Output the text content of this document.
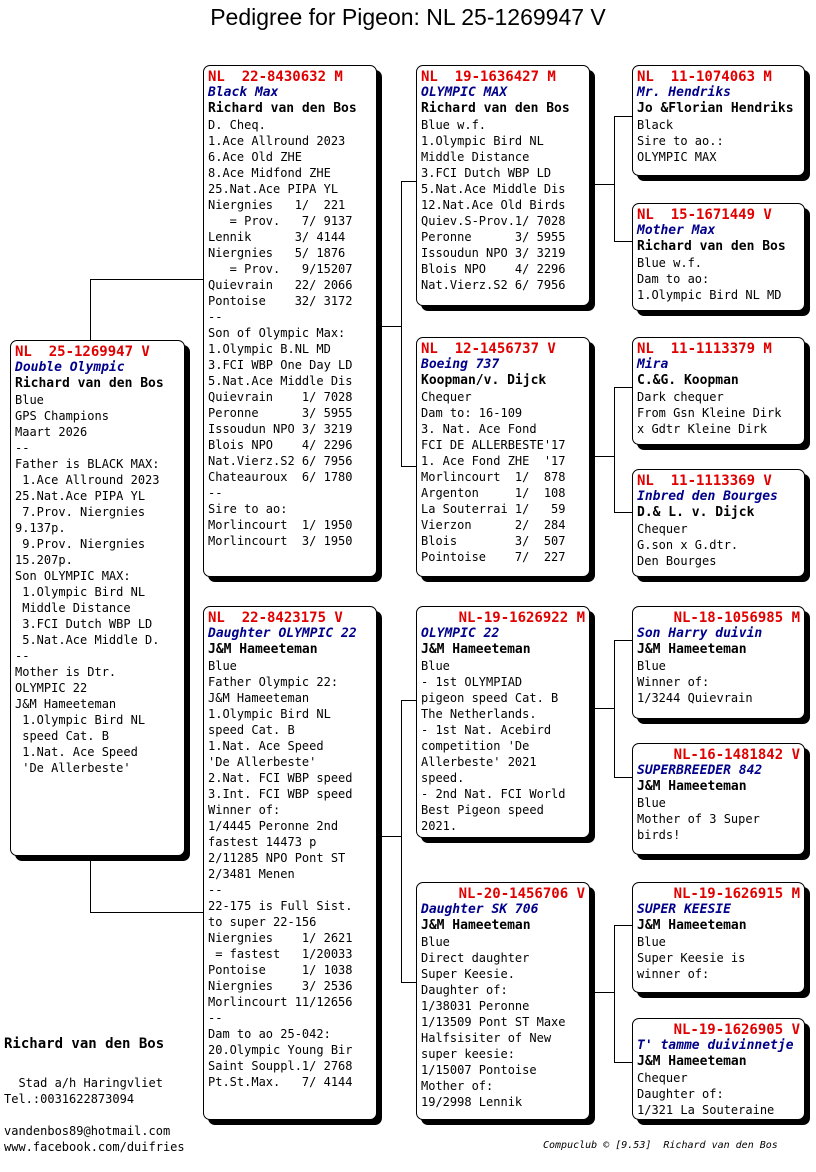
Pedigree for Pigeon: NL 25-1269947 V
NL  25-1269947 V
Double Olympic
Richard van den Bos
Blue
GPS Champions
Maart 2026
--
Father is BLACK MAX:
1.Ace Allround 2023
25.Nat.Ace PIPA YL
7.Prov. Niergnies
9.137p.
9.Prov. Niergnies
15.207p.
Son OLYMPIC MAX:
1.Olympic Bird NL
Middle Distance
3.FCI Dutch WBP LD
5.Nat.Ace Middle D.
--
Mother is Dtr.
OLYMPIC 22
J&M Hameeteman
1.Olympic Bird NL
speed Cat. B
1.Nat. Ace Speed
'De Allerbeste'
NL  22-8430632 M
Black Max
Richard van den Bos
D. Cheq.
1.Ace Allround 2023
6.Ace Old ZHE
8.Ace Midfond ZHE
25.Nat.Ace PIPA YL
Niergnies   1/  221
= Prov.   7/ 9137
Lennik      3/ 4144
Niergnies   5/ 1876
= Prov.   9/15207
Quievrain   22/ 2066
Pontoise    32/ 3172
--
Son of Olympic Max:
1.Olympic B.NL MD
3.FCI WBP One Day LD
5.Nat.Ace Middle Dis
Quievrain    1/ 7028
Peronne      3/ 5955
Issoudun NPO 3/ 3219
Blois NPO    4/ 2296
Nat.Vierz.S2 6/ 7956
Chateauroux  6/ 1780
--
Sire to ao:
Morlincourt  1/ 1950
Morlincourt  3/ 1950
NL  22-8423175 V
Daughter OLYMPIC 22
J&M Hameeteman
Blue
Father Olympic 22:
J&M Hameeteman
1.Olympic Bird NL
speed Cat. B
1.Nat. Ace Speed
'De Allerbeste'
2.Nat. FCI WBP speed
3.Int. FCI WBP speed
Winner of:
1/4445 Peronne 2nd
fastest 14473 p
2/11285 NPO Pont ST
2/3481 Menen
--
22-175 is Full Sist.
to super 22-156
Niergnies    1/ 2621
= fastest   1/20033
Pontoise     1/ 1038
Niergnies    3/ 2536
Morlincourt 11/12656
--
Dam to ao 25-042:
20.Olympic Young Bir
Saint Souppl.1/ 2768
Pt.St.Max.   7/ 4144
NL  19-1636427 M
OLYMPIC MAX
Richard van den Bos
Blue w.f.
1.Olympic Bird NL
Middle Distance
3.FCI Dutch WBP LD
5.Nat.Ace Middle Dis
12.Nat.Ace Old Birds
Quiev.S-Prov.1/ 7028
Peronne      3/ 5955
Issoudun NPO 3/ 3219
Blois NPO    4/ 2296
Nat.Vierz.S2 6/ 7956
NL  12-1456737 V
Boeing 737
Koopman/v. Dijck
Chequer
Dam to: 16-109
3. Nat. Ace Fond
FCI DE ALLERBESTE'17
1. Ace Fond ZHE  '17
Morlincourt  1/  878
Argenton     1/  108
La Souterrai 1/   59
Vierzon      2/  284
Blois        3/  507
Pointoise    7/  227
NL-19-1626922 M
OLYMPIC 22
J&M Hameeteman
Blue
- 1st OLYMPIAD
pigeon speed Cat. B
The Netherlands.
- 1st Nat. Acebird
competition 'De
Allerbeste' 2021
speed.
- 2nd Nat. FCI World
Best Pigeon speed
2021.
NL-20-1456706 V
Daughter SK 706
J&M Hameeteman
Blue
Direct daughter
Super Keesie.
Daughter of:
1/38031 Peronne
1/13509 Pont ST Maxe
Halfsisiter of New
super keesie:
1/15007 Pontoise
Mother of:
19/2998 Lennik
NL  11-1074063 M
Mr. Hendriks
Jo &Florian Hendriks
Black
Sire to ao.:
OLYMPIC MAX
NL  15-1671449 V
Mother Max
Richard van den Bos
Blue w.f.
Dam to ao:
1.Olympic Bird NL MD
NL  11-1113379 M
Mira
C.&G. Koopman
Dark chequer
From Gsn Kleine Dirk
x Gdtr Kleine Dirk
NL  11-1113369 V
Inbred den Bourges
D.& L. v. Dijck
Chequer
G.son x G.dtr.
Den Bourges
NL-18-1056985 M
Son Harry duivin
J&M Hameeteman
Blue
Winner of:
1/3244 Quievrain
NL-16-1481842 V
SUPERBREEDER 842
J&M Hameeteman
Blue
Mother of 3 Super
birds!
NL-19-1626915 M
SUPER KEESIE
J&M Hameeteman
Blue
Super Keesie is
winner of:
NL-19-1626905 V
T' tamme duivinnetje
J&M Hameeteman
Chequer
Daughter of:
1/321 La Souteraine
Richard van den Bos
Stad a/h Haringvliet
Tel.:0031622873094
vandenbos89@hotmail.com
www.facebook.com/duifries	Compuclub © [9.53]  Richard van den Bos
